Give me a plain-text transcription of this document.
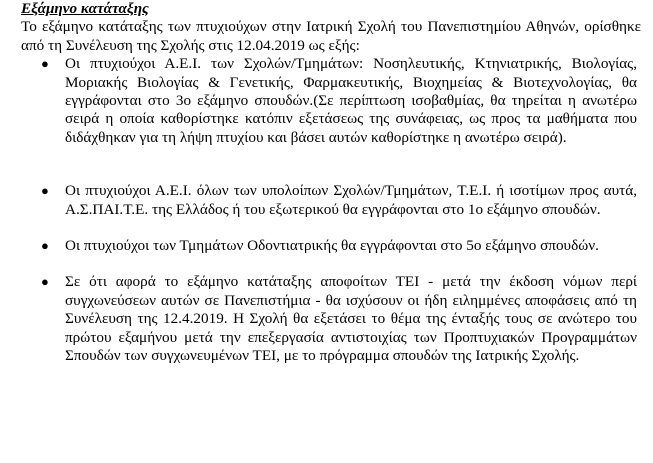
Εξάμηνο κατάταξης

Το εξάμηνο κατάταξης των πτυχιούχων στην Ιατρική Σχολή του Πανεπιστημίου Αθηνών, ορίσθηκε από τη Συνέλευση της Σχολής στις 12.04.2019 ως εξής:

● Οι πτυχιούχοι Α.Ε.Ι. των Σχολών/Τμημάτων: Νοσηλευτικής, Κτηνιατρικής, Βιολογίας, Μοριακής Βιολογίας & Γενετικής, Φαρμακευτικής, Βιοχημείας & Βιοτεχνολογίας, θα εγγράφονται στο 3ο εξάμηνο σπουδών.(Σε περίπτωση ισοβαθμίας, θα τηρείται η ανωτέρω σειρά η οποία καθορίστηκε κατόπιν εξετάσεως της συνάφειας, ως προς τα μαθήματα που διδάχθηκαν για τη λήψη πτυχίου και βάσει αυτών καθορίστηκε η ανωτέρω σειρά).
● Οι πτυχιούχοι Α.Ε.Ι. όλων των υπολοίπων Σχολών/Τμημάτων, Τ.Ε.Ι. ή ισοτίμων προς αυτά, Α.Σ.ΠΑΙ.Τ.Ε. της Ελλάδος ή του εξωτερικού θα εγγράφονται στο 1ο εξάμηνο σπουδών.
● Οι πτυχιούχοι των Τμημάτων Οδοντιατρικής θα εγγράφονται στο 5ο εξάμηνο σπουδών.
● Σε ότι αφορά το εξάμηνο κατάταξης αποφοίτων ΤΕΙ - μετά την έκδοση νόμων περί συγχωνεύσεων αυτών σε Πανεπιστήμια - θα ισχύσουν οι ήδη ειλημμένες αποφάσεις από τη Συνέλευση της 12.4.2019. Η Σχολή θα εξετάσει το θέμα της ένταξής τους σε ανώτερο του πρώτου εξαμήνου μετά την επεξεργασία αντιστοιχίας των Προπτυχιακών Προγραμμάτων Σπουδών των συγχωνευμένων ΤΕΙ, με το πρόγραμμα σπουδών της Ιατρικής Σχολής.
